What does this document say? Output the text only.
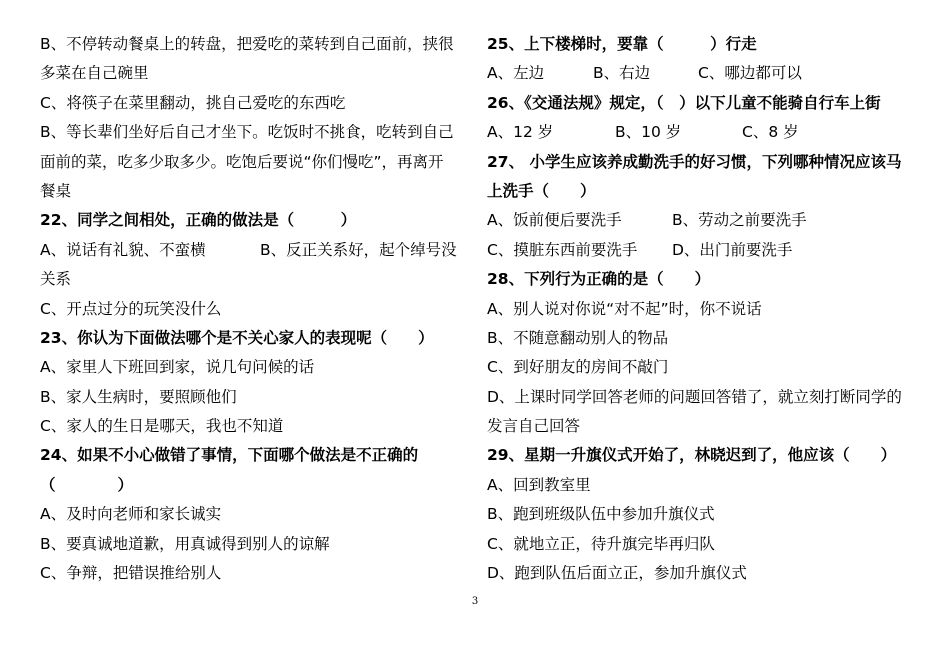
B、不停转动餐桌上的转盘，把爱吃的菜转到自己面前，挟很
多菜在自己碗里
C、将筷子在菜里翻动，挑自己爱吃的东西吃
B、等长辈们坐好后自己才坐下。吃饭时不挑食，吃转到自己
面前的菜，吃多少取多少。吃饱后要说“你们慢吃”，再离开
餐桌
22、同学之间相处，正确的做法是（　　　）
A、说话有礼貌、不蛮横	B、反正关系好，起个绰号没
关系
C、开点过分的玩笑没什么
23、你认为下面做法哪个是不关心家人的表现呢（　　）
A、家里人下班回到家，说几句问候的话
B、家人生病时，要照顾他们
C、家人的生日是哪天，我也不知道
24、如果不小心做错了事情，下面哪个做法是不正确的
（　　　　）
A、及时向老师和家长诚实
B、要真诚地道歉，用真诚得到别人的谅解
C、争辩，把错误推给别人
25、上下楼梯时，要靠（　　　）行走
A、左边	B、右边	C、哪边都可以
26、《交通法规》规定，（　）以下儿童不能骑自行车上街
A、12 岁	B、10 岁	C、8 岁
27、 小学生应该养成勤洗手的好习惯，下列哪种情况应该马
上洗手（　　）
A、饭前便后要洗手	B、劳动之前要洗手
C、摸脏东西前要洗手	D、出门前要洗手
28、下列行为正确的是（　　）
A、别人说对你说“对不起”时，你不说话
B、不随意翻动别人的物品
C、到好朋友的房间不敲门
D、上课时同学回答老师的问题回答错了，就立刻打断同学的
发言自己回答
29、星期一升旗仪式开始了，林晓迟到了，他应该（　　）
A、回到教室里
B、跑到班级队伍中参加升旗仪式
C、就地立正，待升旗完毕再归队
D、跑到队伍后面立正，参加升旗仪式
3
